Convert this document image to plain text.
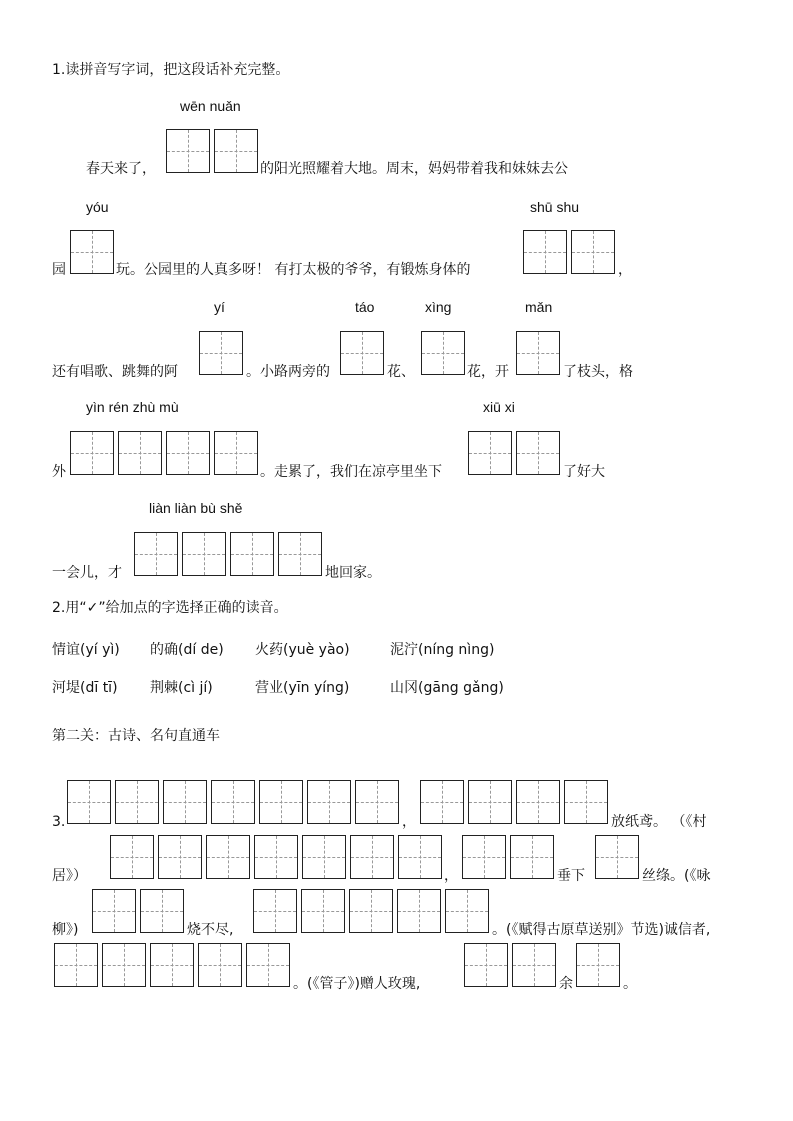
1.读拼音写字词，把这段话补充完整。
wēn nuǎn
春天来了，	的阳光照耀着大地。周末，妈妈带着我和妹妹去公
yóu	shū shu
园	玩。公园里的人真多呀！ 有打太极的爷爷，有锻炼身体的	，
yí	táo	xìng	mǎn
还有唱歌、跳舞的阿	。小路两旁的	花、	花，开	了枝头，格
yìn rén zhù mù	xiū xi
外	。走累了，我们在凉亭里坐下	了好大
liàn liàn bù shě
一会儿，才	地回家。
2.用“✓”给加点的字选择正确的读音。
情谊(yí yì) 的确(dí de) 火药(yuè yào)	泥泞(níng nìng)
河堤(dī tī) 荆棘(cì jí)	营业(yīn yíng)	山冈(gāng gǎng)
第二关：古诗、名句直通车
3.	，	放纸鸢。 （《村
居》）	，	垂下	丝绦。(《咏
柳》)	烧不尽,	。(《赋得古原草送别》节选)诚信者,
。(《管子》)赠人玫瑰,	余	。
